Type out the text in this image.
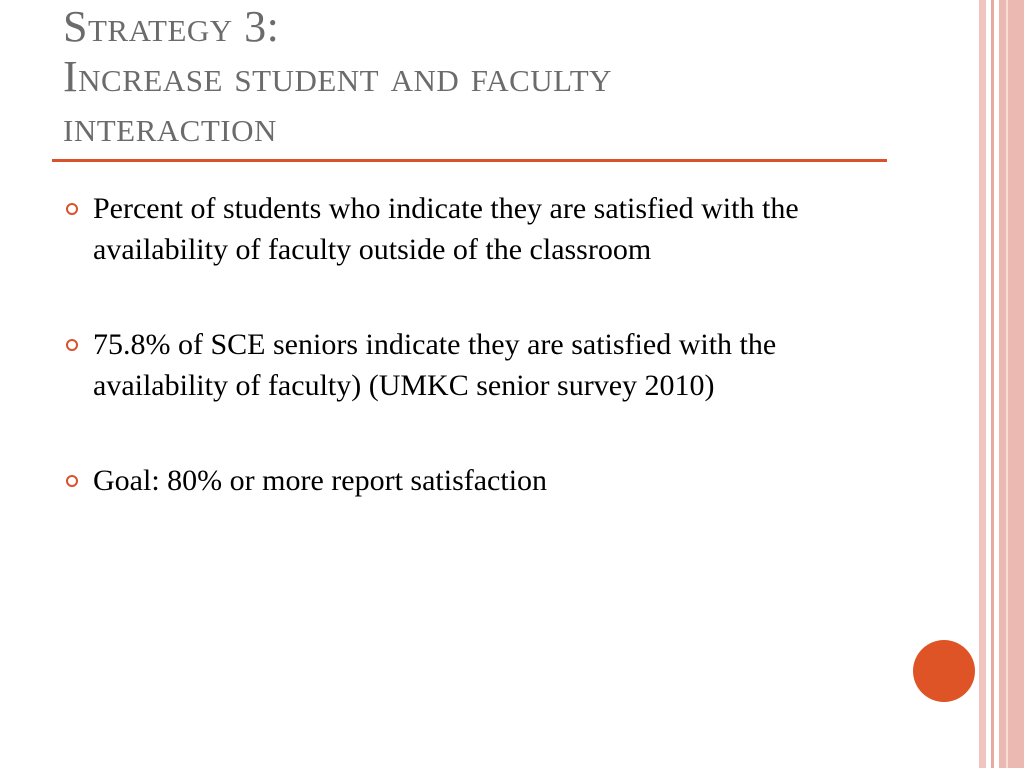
Strategy 3:
Increase student and faculty
interaction
Percent of students who indicate they are satisfied with the availability of faculty outside of the classroom
75.8% of SCE seniors indicate they are satisfied with the availability of faculty) (UMKC senior survey 2010)
Goal: 80% or more report satisfaction
